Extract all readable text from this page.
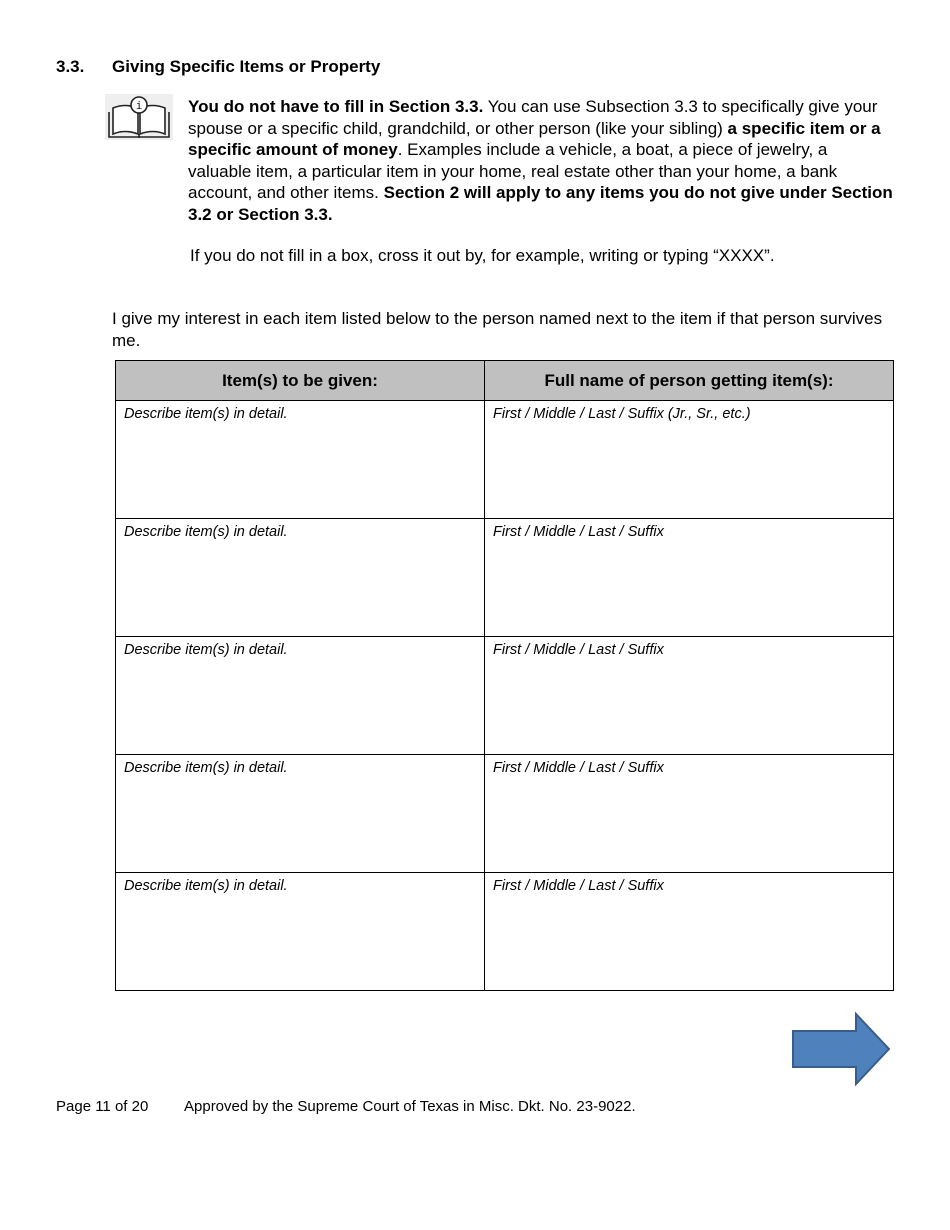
3.3. Giving Specific Items or Property
i	You do not have to fill in Section 3.3. You can use Subsection 3.3 to specifically give your spouse or a specific child, grandchild, or other person (like your sibling) a specific item or a specific amount of money. Examples include a vehicle, a boat, a piece of jewelry, a valuable item, a particular item in your home, real estate other than your home, a bank account, and other items. Section 2 will apply to any items you do not give under Section 3.2 or Section 3.3.
If you do not fill in a box, cross it out by, for example, writing or typing “XXXX”.
I give my interest in each item listed below to the person named next to the item if that person survives me.
Item(s) to be given:	Full name of person getting item(s):
Describe item(s) in detail.	First / Middle / Last / Suffix (Jr., Sr., etc.)
Describe item(s) in detail.	First / Middle / Last / Suffix
Describe item(s) in detail.	First / Middle / Last / Suffix
Describe item(s) in detail.	First / Middle / Last / Suffix
Describe item(s) in detail.	First / Middle / Last / Suffix
Page 11 of 20 Approved by the Supreme Court of Texas in Misc. Dkt. No. 23-9022.
